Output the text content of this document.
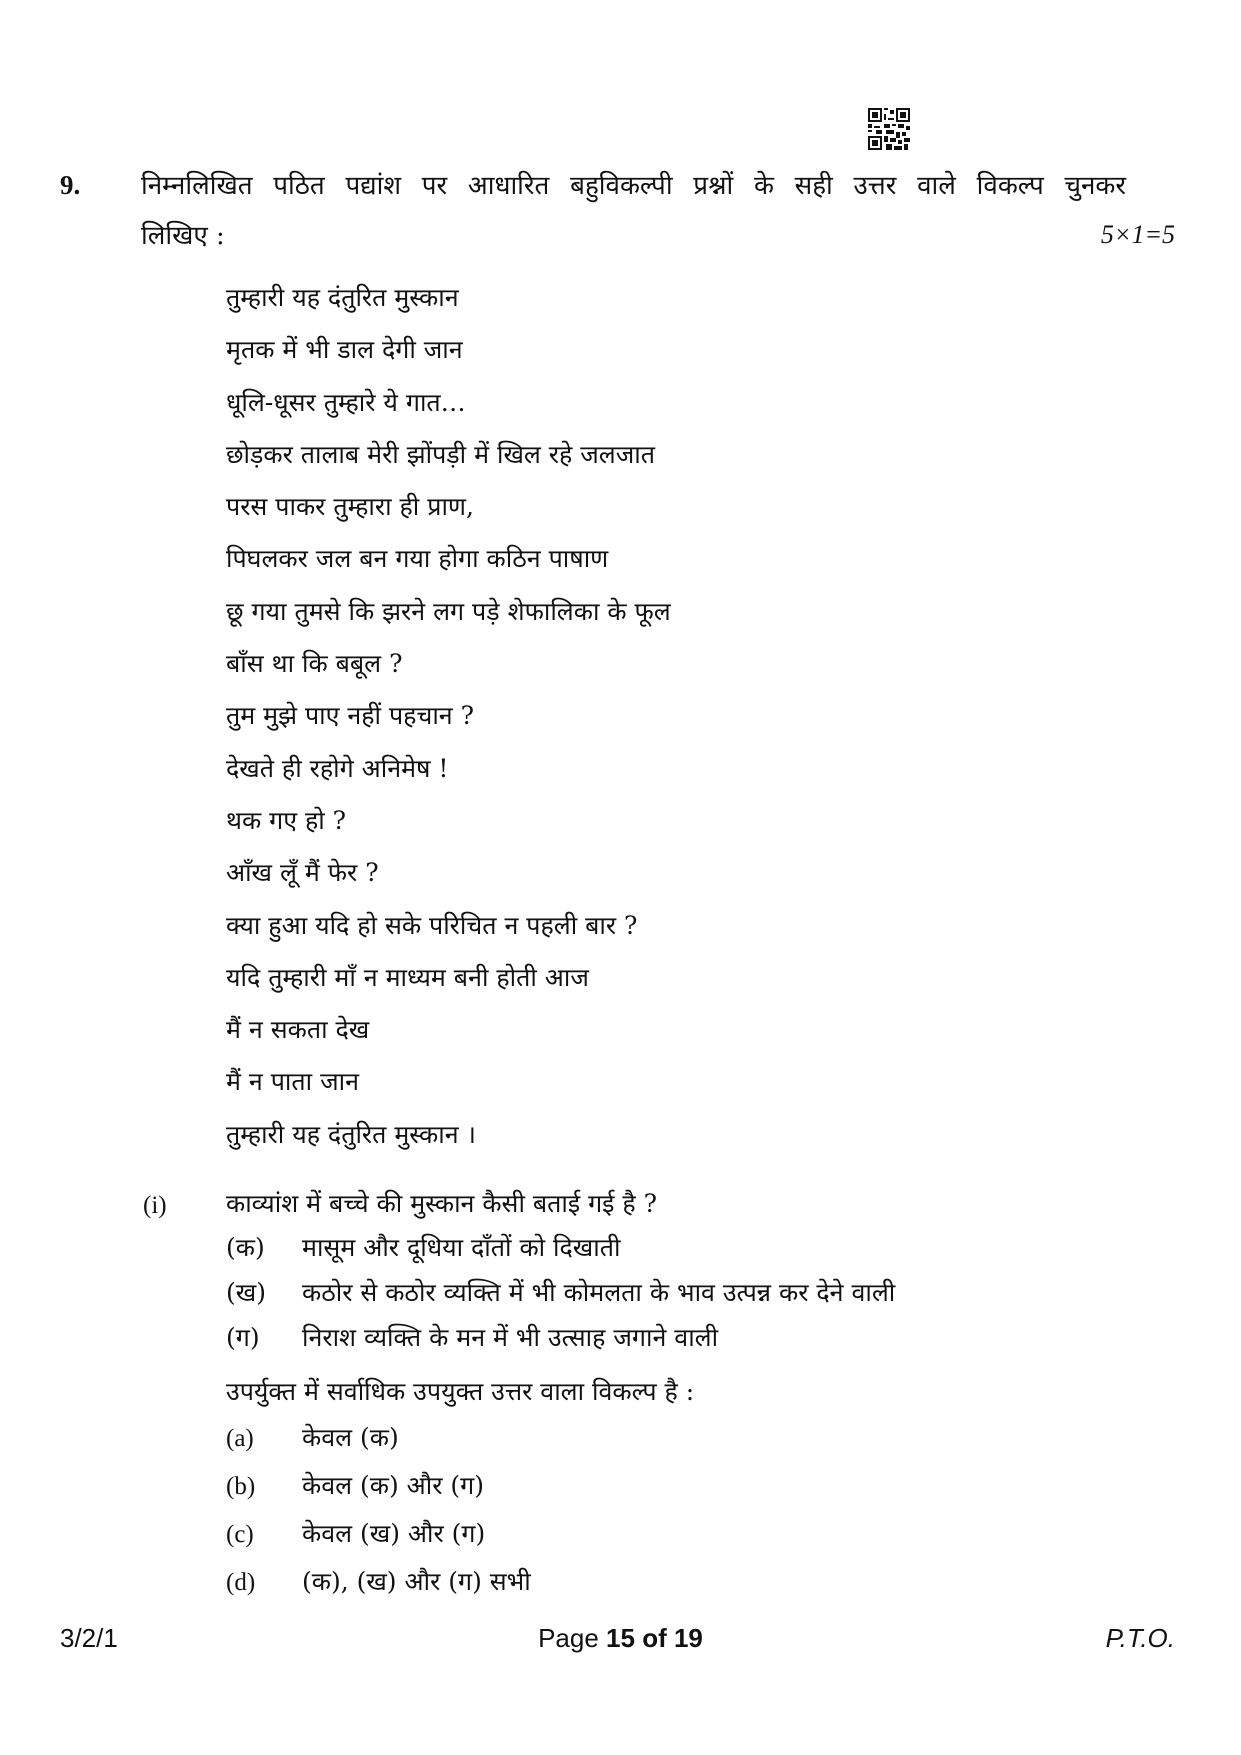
9. निम्नलिखित पठित पद्यांश पर आधारित बहुविकल्पी प्रश्नों के सही उत्तर वाले विकल्प चुनकर
लिखिए :	5×1=5
तुम्हारी यह दंतुरित मुस्कान
मृतक में भी डाल देगी जान
धूलि-धूसर तुम्हारे ये गात…
छोड़कर तालाब मेरी झोंपड़ी में खिल रहे जलजात
परस पाकर तुम्हारा ही प्राण,
पिघलकर जल बन गया होगा कठिन पाषाण
छू गया तुमसे कि झरने लग पड़े शेफालिका के फूल
बाँस था कि बबूल ?
तुम मुझे पाए नहीं पहचान ?
देखते ही रहोगे अनिमेष !
थक गए हो ?
आँख लूँ मैं फेर ?
क्या हुआ यदि हो सके परिचित न पहली बार ?
यदि तुम्हारी माँ न माध्यम बनी होती आज
मैं न सकता देख
मैं न पाता जान
तुम्हारी यह दंतुरित मुस्कान ।
(i) काव्यांश में बच्चे की मुस्कान कैसी बताई गई है ?
(क) मासूम और दूधिया दाँतों को दिखाती
(ख) कठोर से कठोर व्यक्ति में भी कोमलता के भाव उत्पन्न कर देने वाली
(ग) निराश व्यक्ति के मन में भी उत्साह जगाने वाली
उपर्युक्त में सर्वाधिक उपयुक्त उत्तर वाला विकल्प है :
(a) केवल (क)
(b) केवल (क) और (ग)
(c) केवल (ख) और (ग)
(d) (क), (ख) और (ग) सभी
3/2/1	Page 15 of 19	P.T.O.
